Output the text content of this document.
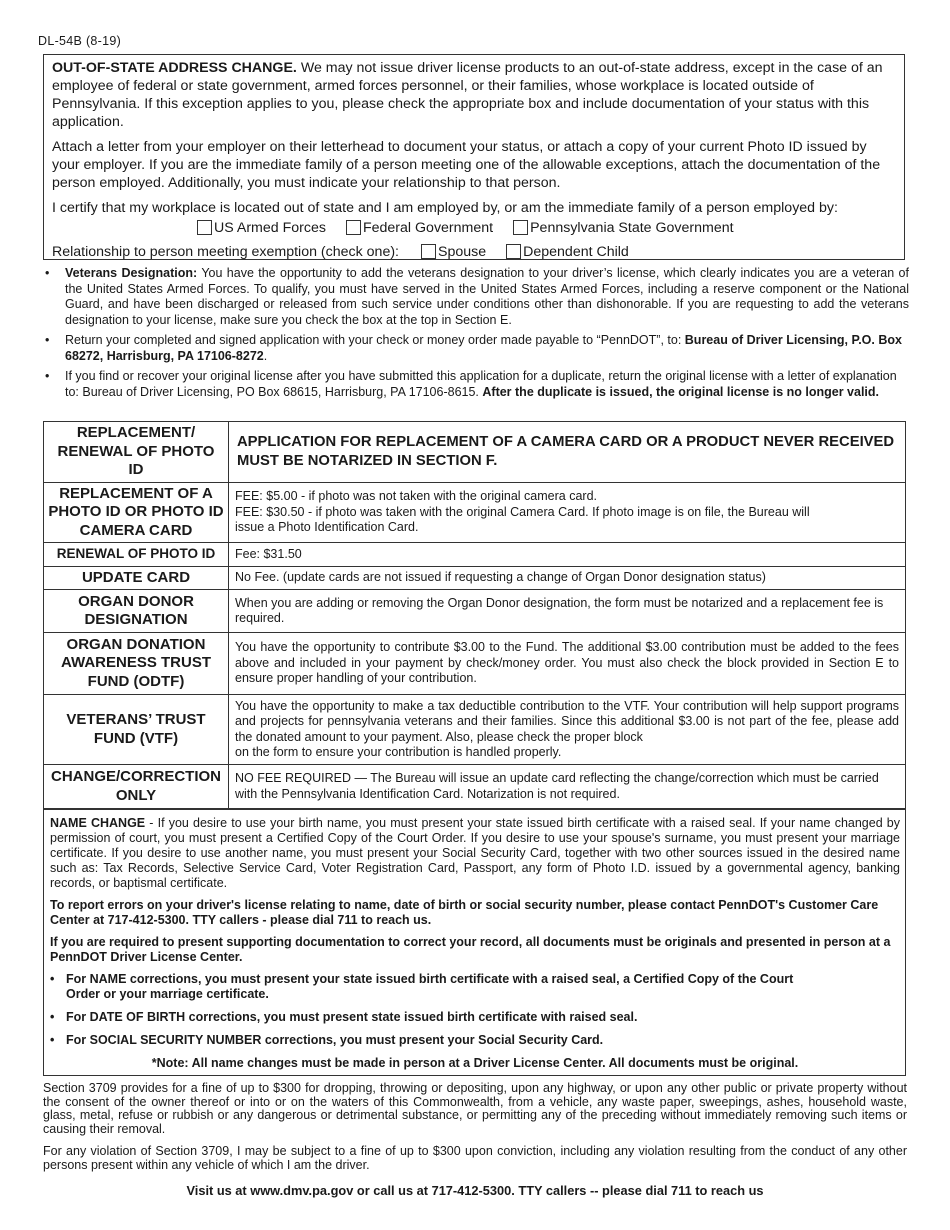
DL-54B (8-19)

OUT-OF-STATE ADDRESS CHANGE. We may not issue driver license products to an out-of-state address, except in the case of an employee of federal or state government, armed forces personnel, or their families, whose workplace is located outside of Pennsylvania. If this exception applies to you, please check the appropriate box and include documentation of your status with this application.

Attach a letter from your employer on their letterhead to document your status, or attach a copy of your current Photo ID issued by your employer. If you are the immediate family of a person meeting one of the allowable exceptions, attach the documentation of the person employed. Additionally, you must indicate your relationship to that person.

I certify that my workplace is located out of state and I am employed by, or am the immediate family of a person employed by:
US Armed Forces	Federal Government	Pennsylvania State Government
Relationship to person meeting exemption (check one):	Spouse	Dependent Child
• Veterans Designation: You have the opportunity to add the veterans designation to your driver’s license, which clearly indicates you are a veteran of the United States Armed Forces. To qualify, you must have served in the United States Armed Forces, including a reserve component or the National Guard, and have been discharged or released from such service under conditions other than dishonorable. If you are requesting to add the veterans designation to your license, make sure you check the box at the top in Section E.
• Return your completed and signed application with your check or money order made payable to “PennDOT”, to: Bureau of Driver Licensing, P.O. Box 68272, Harrisburg, PA 17106-8272.
• If you find or recover your original license after you have submitted this application for a duplicate, return the original license with a letter of explanation to: Bureau of Driver Licensing, PO Box 68615, Harrisburg, PA 17106-8615. After the duplicate is issued, the original license is no longer valid.
REPLACEMENT/ RENEWAL OF PHOTO ID	APPLICATION FOR REPLACEMENT OF A CAMERA CARD OR A PRODUCT NEVER RECEIVED MUST BE NOTARIZED IN SECTION F.
REPLACEMENT OF A PHOTO ID OR PHOTO ID CAMERA CARD	FEE: $5.00 - if photo was not taken with the original camera card.
FEE: $30.50 - if photo was taken with the original Camera Card. If photo image is on file, the Bureau will issue a Photo Identification Card.

RENEWAL OF PHOTO ID	Fee: $31.50
UPDATE CARD	No Fee. (update cards are not issued if requesting a change of Organ Donor designation status)
ORGAN DONOR DESIGNATION	When you are adding or removing the Organ Donor designation, the form must be notarized and a replacement fee is required.
ORGAN DONATION AWARENESS TRUST FUND (ODTF)	You have the opportunity to contribute $3.00 to the Fund. The additional $3.00 contribution must be added to the fees above and included in your payment by check/money order. You must also check the block provided in Section E to ensure proper handling of your contribution.
VETERANS’ TRUST FUND (VTF)	You have the opportunity to make a tax deductible contribution to the VTF. Your contribution will help support programs and projects for pennsylvania veterans and their families. Since this additional $3.00 is not part of the fee, please add the donated amount to your payment. Also, please check the proper block
on the form to ensure your contribution is handled properly.
CHANGE/CORRECTION ONLY	NO FEE REQUIRED — The Bureau will issue an update card reflecting the change/correction which must be carried with the Pennsylvania Identification Card. Notarization is not required.

NAME CHANGE - If you desire to use your birth name, you must present your state issued birth certificate with a raised seal. If your name changed by permission of court, you must present a Certified Copy of the Court Order. If you desire to use your spouse's surname, you must present your marriage certificate. If you desire to use another name, you must present your Social Security Card, together with two other sources issued in the desired name such as: Tax Records, Selective Service Card, Voter Registration Card, Passport, any form of Photo I.D. issued by a governmental agency, banking records, or baptismal certificate.

To report errors on your driver's license relating to name, date of birth or social security number, please contact PennDOT's Customer Care Center at 717-412-5300. TTY callers - please dial 711 to reach us.

If you are required to present supporting documentation to correct your record, all documents must be originals and presented in person at a PennDOT Driver License Center.

• For NAME corrections, you must present your state issued birth certificate with a raised seal, a Certified Copy of the Court
Order or your marriage certificate.
• For DATE OF BIRTH corrections, you must present state issued birth certificate with raised seal.
• For SOCIAL SECURITY NUMBER corrections, you must present your Social Security Card.
*Note: All name changes must be made in person at a Driver License Center. All documents must be original.

Section 3709 provides for a fine of up to $300 for dropping, throwing or depositing, upon any highway, or upon any other public or private property without the consent of the owner thereof or into or on the waters of this Commonwealth, from a vehicle, any waste paper, sweepings, ashes, household waste, glass, metal, refuse or rubbish or any dangerous or detrimental substance, or permitting any of the preceding without immediately removing such items or causing their removal.

For any violation of Section 3709, I may be subject to a fine of up to $300 upon conviction, including any violation resulting from the conduct of any other persons present within any vehicle of which I am the driver.

Visit us at www.dmv.pa.gov or call us at 717-412-5300. TTY callers -- please dial 711 to reach us
